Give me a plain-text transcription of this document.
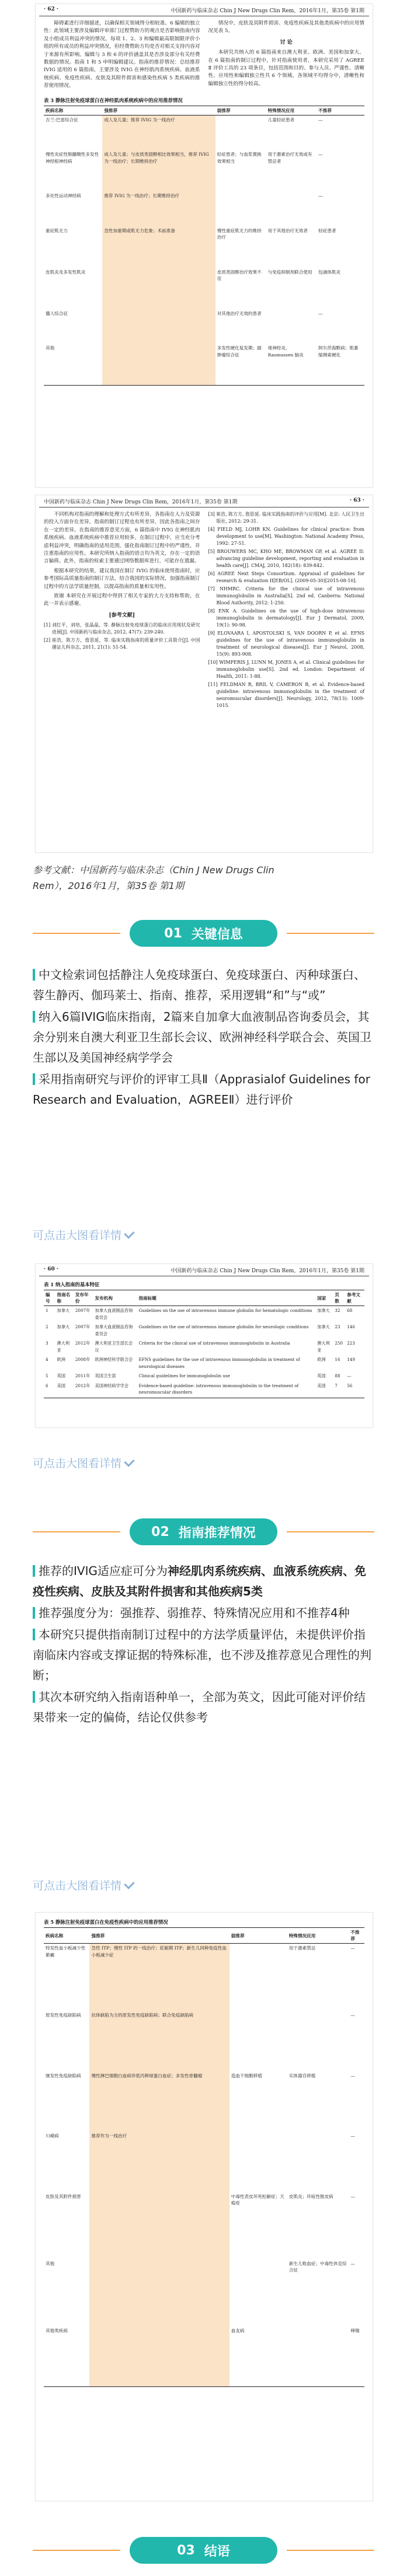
· 62 ·	中国新药与临床杂志 Chin J New Drugs Clin Rem，2016年1月，第35卷 第1期

障碍素进行详细描述，以确保相关领域得分相较准。6 编辑的独立性：此领域主要涉及编辑评审部门过程赞助方的观点是否影响指南内容及小组成员利益冲突的情况。每项 1、2、3 和编辑最高限制限评价小组的所有成员的利益冲突情况，但经费赞助方均是否对相关支持内容对于来源有所影响。编辑与 3 和 6 的评价涵盖其是否涉及部分有关经费数据的情况。指南 1 和 5 申明编辑建议。指南的推荐情况：总结推荐 IVIG 适用的 6 篇指南，主要涉及 IVIG 在神经肌肉系统疾病、血液系统疾病、免疫性疾病、皮肤及其附件损害和感染性疾病 5 类疾病的推荐使用情况。

情况中，皮肤及其附件损害、免疫性疾病及其他类疾病中的应用情况见表 5。

讨 论

本研究共纳入的 6 篇指南来自澳大利亚、欧洲、美国和加拿大。在 6 篇指南的制订过程中，针对指南使用者，本研究采用了 AGREE Ⅱ 评价工具的 23 项条目，包括范围和目的、参与人员、严谨性、清晰性、应用性和编辑独立性共 6 个领域。各领域平均得分中，清晰性和编辑独立性的得分较高。

表 3 静脉注射免疫球蛋白在神经肌肉系统疾病中的应用推荐情况
疾病名称	强推荐	弱推荐	特殊情况应用	不推荐
吉兰-巴雷综合征	成人及儿童；推荐 IVIG 为一线治疗		儿童轻症患者	—
慢性炎症性脱髓鞘性多发性神经根神经病	成人及儿童；与皮质类固醇相比效果相当，推荐 IVIG 为一线治疗；长期维持治疗	轻症患者；与血浆置换效果相当	用于激素治疗无效或有禁忌者	—
多灶性运动神经病	推荐 IVIG 为一线治疗；长期维持治疗			—
重症肌无力	急性加重期或肌无力危象；术前准备	慢性重症肌无力的维持治疗	用于其他治疗无效者	轻症患者
皮肌炎及多发性肌炎		皮质类固醇治疗效果不佳	与免疫抑制剂联合使用	包涵体肌炎
僵人综合征		对其他治疗无效的患者		—
其他		多发性硬化复发期；副肿瘤综合征	视神经炎、Rasmussen 脑炎	阿尔茨海默病；肌萎缩侧索硬化
中国新药与临床杂志 Chin J New Drugs Clin Rem，2016年1月，第35卷 第1期	· 63 ·

不同机构对指南的理解和处理方式有所差异，各指南在人力及资源的投入方面存在差异，指南的制订过程也有所差异，因此各指南之间存在一定的差异。在指南的推荐意见方面，6 篇指南中 IVIG 在神经肌肉系统疾病、血液系统疾病中推荐应用较多。在制订过程中，应当充分考虑利益冲突，明确指南的适用范围，强化指南制订过程中的严谨性，并注重指南的应用性。本研究所纳入指南的语言均为英文，存在一定的语言偏倚。此外，指南的检索主要通过网络数据库进行，可能存在遗漏。

根据本研究的结果，建议我国在制订 IVIG 的临床使用指南时，应参考国际高质量指南的制订方法，结合我国的实际情况，加强指南制订过程中的方法学质量控制，以提高指南的质量和实用性。

致谢 本研究在开展过程中得到了相关专家的大力支持和帮助，在此一并表示感谢。

[参考文献]
[1] 刘红平，刘培，张晶晶，等. 静脉注射免疫球蛋白的临床应用现状及研究进展[J]. 中国新药与临床杂志, 2012, 47(7): 239-240.
[2] 崔浩，陈方方，詹思延，等. 临床实践指南的质量评价工具简介[J]. 中国循证儿科杂志, 2011, 21(1): 51-54.
[3] 崔浩, 陈方方, 詹思延. 临床实践指南的评价与应用[M]. 北京: 人民卫生出版社, 2012: 29-31.
[4] FIELD MJ, LOHR KN. Guidelines for clinical practice: from development to use[M]. Washington: National Academy Press, 1992: 27-51.
[5] BROUWERS MC, KHO ME, BROWMAN GP, et al. AGREE II: advancing guideline development, reporting and evaluation in health care[J]. CMAJ, 2010, 182(18): 839-842.
[6] AGREE Next Steps Consortium. Appraisal of guidelines for research & evaluation II[EB/OL]. (2009-05-30)[2015-08-10].
[7] NHMRC. Criteria for the clinical use of intravenous immunoglobulin in Australia[S]. 2nd ed. Canberra: National Blood Authority, 2012: 1-250.
[8] ENK A. Guidelines on the use of high-dose intravenous immunoglobulin in dermatology[J]. Eur J Dermatol, 2009, 19(1): 90-98.
[9] ELOVAARA I, APOSTOLSKI S, VAN DOORN P, et al. EFNS guidelines for the use of intravenous immunoglobulin in treatment of neurological diseases[J]. Eur J Neurol, 2008, 15(9): 893-908.
[10] WIMPERIS J, LUNN M, JONES A, et al. Clinical guidelines for immunoglobulin use[S]. 2nd ed. London: Department of Health, 2011: 1-88.
[11] FELDMAN R, BRIL V, CAMERON B, et al. Evidence-based guideline: intravenous immunoglobulin in the treatment of neuromuscular disorders[J]. Neurology, 2012, 78(13): 1009-1015.
参考文献：中国新药与临床杂志（Chin J New Drugs Clin
Rem），2016年1月，第35卷 第1期
01 关键信息

中文检索词包括静注人免疫球蛋白、免疫球蛋白、丙种球蛋白、蓉生静丙、伽玛莱士、指南、推荐，采用逻辑“和”与“或”

纳入6篇IVIG临床指南，2篇来自加拿大血液制品咨询委员会，其余分别来自澳大利亚卫生部长会议、欧洲神经科学联合会、英国卫生部以及美国神经病学学会

采用指南研究与评价的评审工具Ⅱ（Apprasialof Guidelines for Research and Evaluation，AGREEⅡ）进行评价

可点击大图看详情
· 60 ·	中国新药与临床杂志 Chin J New Drugs Clin Rem，2016年1月，第35卷 第1期
表 1 纳入指南的基本特征
编号	指南名称	发布年份	发布机构	指南标题	国家	页数	参考文献
1	加拿大	2007年	加拿大血液制品咨询委员会	Guidelines on the use of intravenous immune globulin for hematologic conditions	加拿大	32	68
2	加拿大	2007年	加拿大血液制品咨询委员会	Guidelines on the use of intravenous immune globulin for neurologic conditions	加拿大	23	146
3	澳大利亚	2012年	澳大利亚卫生部长会议	Criteria for the clinical use of intravenous immunoglobulin in Australia	澳大利亚	250	223
4	欧洲	2008年	欧洲神经科学联合会	EFNS guidelines for the use of intravenous immunoglobulin in treatment of neurological diseases	欧洲	16	149
5	英国	2011年	英国卫生部	Clinical guidelines for immunoglobulin use	英国	88	—
6	美国	2012年	美国神经病学学会	Evidence-based guideline: intravenous immunoglobulin in the treatment of neuromuscular disorders	美国	7	56
可点击大图看详情
02 指南推荐情况

推荐的IVIG适应症可分为神经肌肉系统疾病、血液系统疾病、免疫性疾病、皮肤及其附件损害和其他疾病5类

推荐强度分为：强推荐、弱推荐、特殊情况应用和不推荐4种

本研究只提供指南制订过程中的方法学质量评估，未提供评价指南临床内容或支撑证据的特殊标准，也不涉及推荐意见合理性的判断；

其次本研究纳入指南语种单一，全部为英文，因此可能对评价结果带来一定的偏倚，结论仅供参考

可点击大图看详情
表 5 静脉注射免疫球蛋白在免疫性疾病中的应用推荐情况
疾病名称	强推荐	弱推荐	特殊情况应用	不推荐
特发性血小板减少性紫癜	急性 ITP；慢性 ITP 的一线治疗；妊娠期 ITP；新生儿同种免疫性血小板减少症		用于激素禁忌	—
原发性免疫缺陷病	抗体缺陷为主的原发性免疫缺陷病；联合免疫缺陷病			—
继发性免疫缺陷病	慢性淋巴细胞白血病伴低丙种球蛋白血症；多发性骨髓瘤	造血干细胞移植	实体器官移植	—
川崎病	推荐作为一线治疗			—
皮肤及其附件损害		中毒性表皮坏死松解症；天疱疮	皮肌炎；坏疽性脓皮病	—
其他			新生儿败血症；中毒性休克综合征	—
其他类疾病		血友病		哮喘
03 结语
